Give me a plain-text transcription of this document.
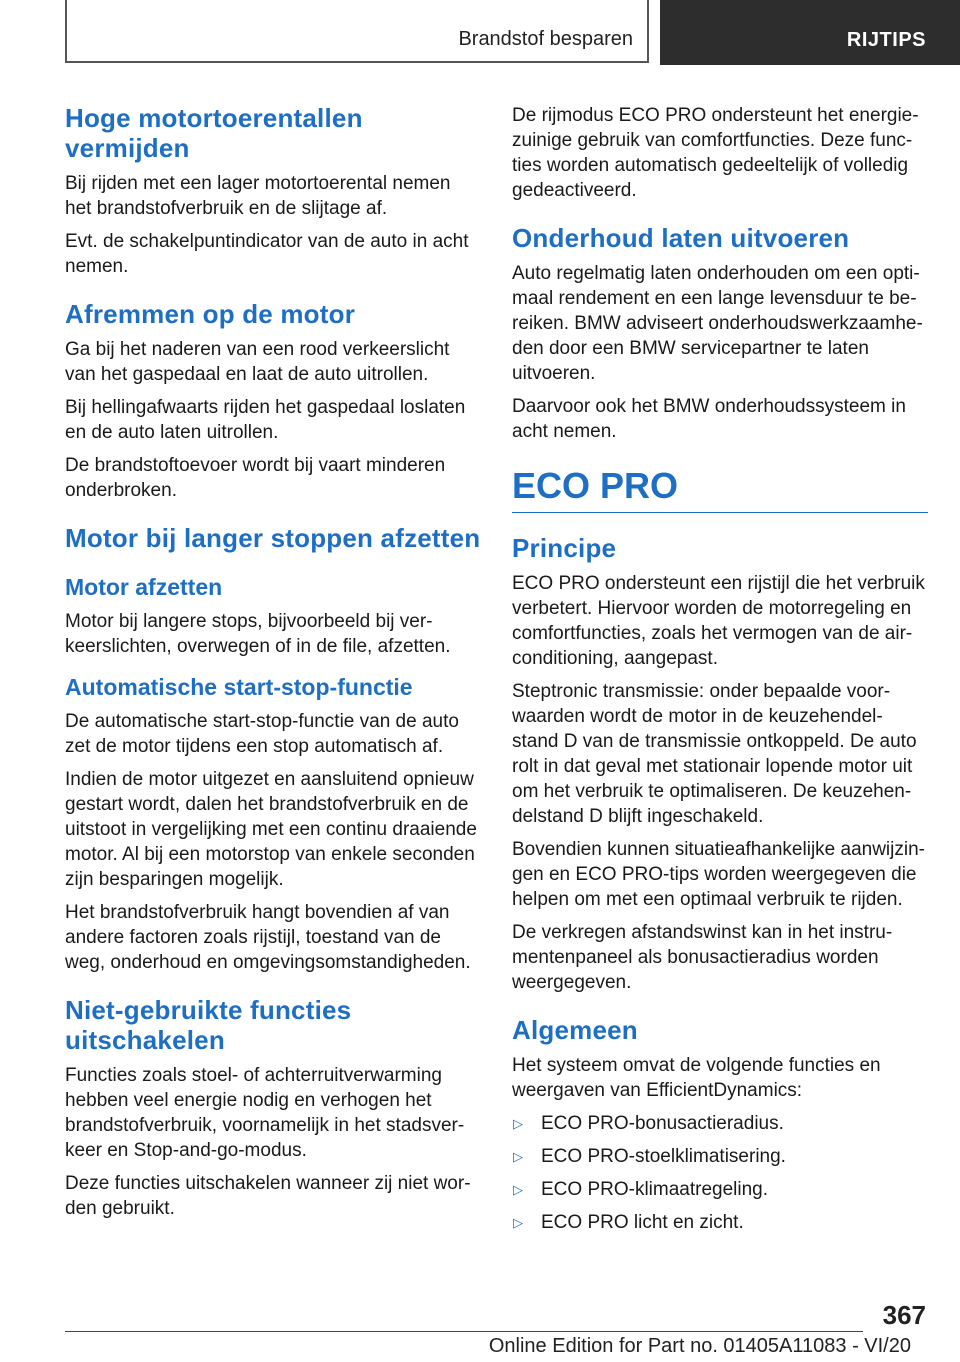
Brandstof besparen	RIJTIPS
Hoge motortoerentallen
vermijden

Bij rijden met een lager motortoerental nemen
het brandstofverbruik en de slijtage af.

Evt. de schakelpuntindicator van de auto in acht
nemen.

Afremmen op de motor

Ga bij het naderen van een rood verkeerslicht
van het gaspedaal en laat de auto uitrollen.

Bij hellingafwaarts rijden het gaspedaal loslaten
en de auto laten uitrollen.

De brandstoftoevoer wordt bij vaart minderen
onderbroken.

Motor bij langer stoppen afzetten
Motor afzetten

Motor bij langere stops, bijvoorbeeld bij ver-
keerslichten, overwegen of in de file, afzetten.

Automatische start-stop-functie

De automatische start-stop-functie van de auto
zet de motor tijdens een stop automatisch af.

Indien de motor uitgezet en aansluitend opnieuw
gestart wordt, dalen het brandstofverbruik en de
uitstoot in vergelijking met een continu draaiende
motor. Al bij een motorstop van enkele seconden
zijn besparingen mogelijk.

Het brandstofverbruik hangt bovendien af van
andere factoren zoals rijstijl, toestand van de
weg, onderhoud en omgevingsomstandigheden.

Niet-gebruikte functies
uitschakelen

Functies zoals stoel- of achterruitverwarming
hebben veel energie nodig en verhogen het
brandstofverbruik, voornamelijk in het stadsver-
keer en Stop-and-go-modus.

Deze functies uitschakelen wanneer zij niet wor-
den gebruikt.

De rijmodus ECO PRO ondersteunt het energie-
zuinige gebruik van comfortfuncties. Deze func-
ties worden automatisch gedeeltelijk of volledig
gedeactiveerd.

Onderhoud laten uitvoeren

Auto regelmatig laten onderhouden om een opti-
maal rendement en een lange levensduur te be-
reiken. BMW adviseert onderhoudswerkzaamhe-
den door een BMW servicepartner te laten
uitvoeren.

Daarvoor ook het BMW onderhoudssysteem in
acht nemen.

ECO PRO
Principe

ECO PRO ondersteunt een rijstijl die het verbruik
verbetert. Hiervoor worden de motorregeling en
comfortfuncties, zoals het vermogen van de air-
conditioning, aangepast.

Steptronic transmissie: onder bepaalde voor-
waarden wordt de motor in de keuzehendel-
stand D van de transmissie ontkoppeld. De auto
rolt in dat geval met stationair lopende motor uit
om het verbruik te optimaliseren. De keuzehen-
delstand D blijft ingeschakeld.

Bovendien kunnen situatieafhankelijke aanwijzin-
gen en ECO PRO-tips worden weergegeven die
helpen om met een optimaal verbruik te rijden.

De verkregen afstandswinst kan in het instru-
mentenpaneel als bonusactieradius worden
weergegeven.

Algemeen

Het systeem omvat de volgende functies en
weergaven van EfficientDynamics:

▷ ECO PRO-bonusactieradius.
▷ ECO PRO-stoelklimatisering.
▷ ECO PRO-klimaatregeling.
▷ ECO PRO licht en zicht.
367
Online Edition for Part no. 01405A11083 - VI/20
